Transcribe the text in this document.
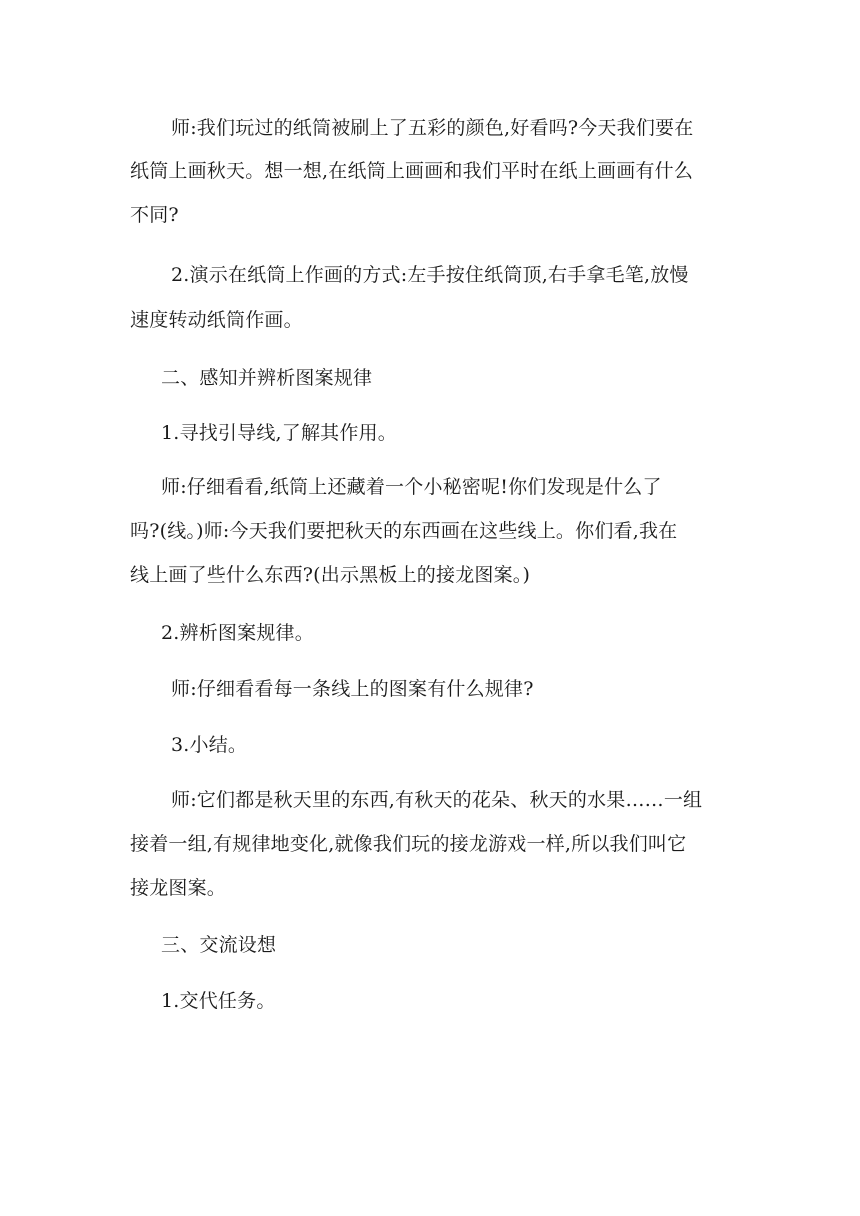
师:我们玩过的纸筒被刷上了五彩的颜色,好看吗?今天我们要在

纸筒上画秋天。想一想,在纸筒上画画和我们平时在纸上画画有什么

不同?

2.演示在纸筒上作画的方式:左手按住纸筒顶,右手拿毛笔,放慢

速度转动纸筒作画。

二、感知并辨析图案规律

1.寻找引导线,了解其作用。

师:仔细看看,纸筒上还藏着一个小秘密呢!你们发现是什么了

吗?(线。)师:今天我们要把秋天的东西画在这些线上。你们看,我在

线上画了些什么东西?(出示黑板上的接龙图案。)

2.辨析图案规律。

师:仔细看看每一条线上的图案有什么规律?

3.小结。

师:它们都是秋天里的东西,有秋天的花朵、秋天的水果……一组

接着一组,有规律地变化,就像我们玩的接龙游戏一样,所以我们叫它

接龙图案。

三、交流设想

1.交代任务。
